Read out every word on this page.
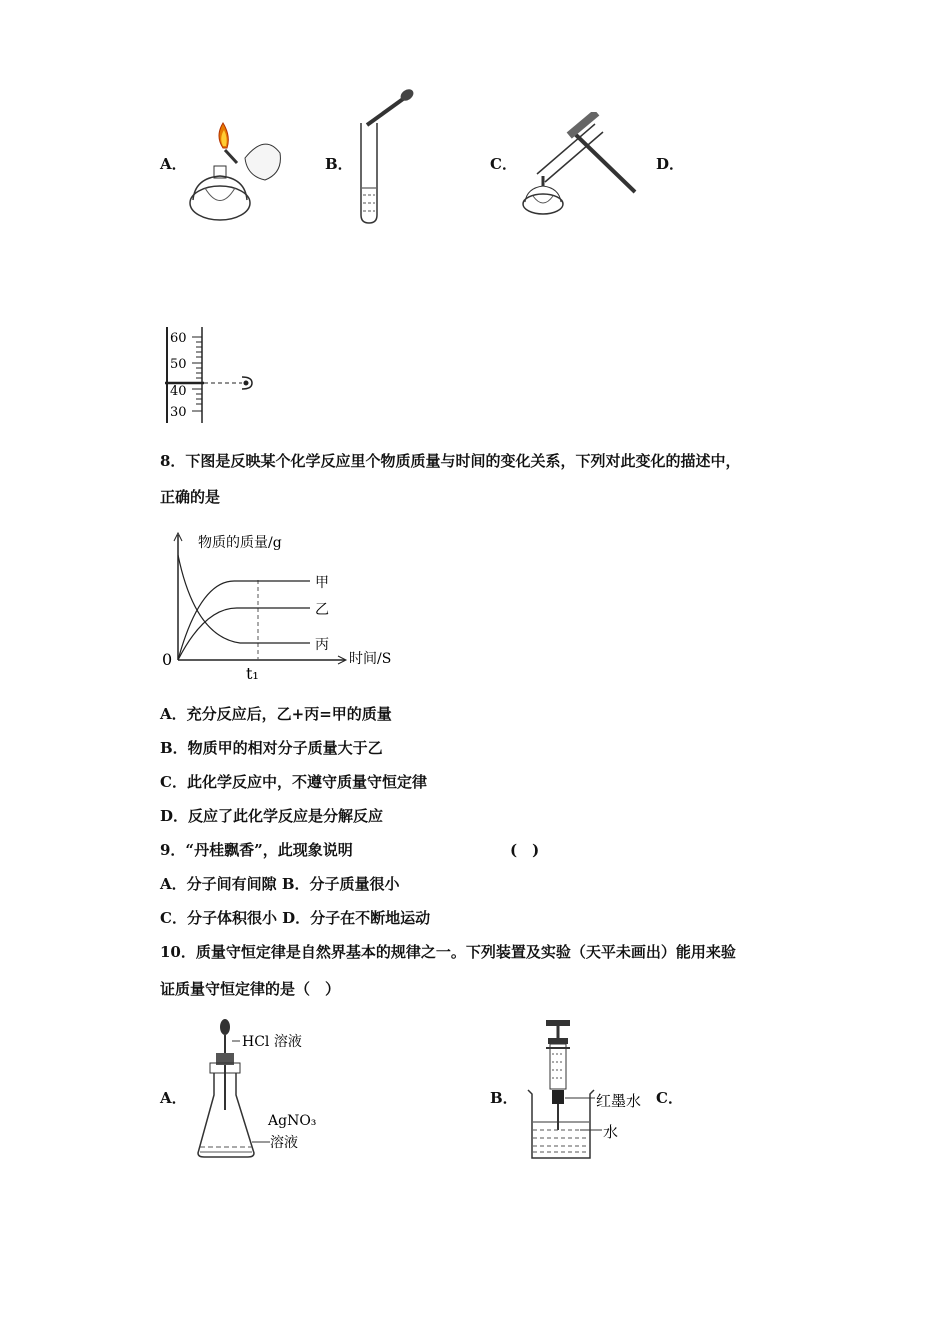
A．	B．	C．	D．
60
50
40
30
8．下图是反映某个化学反应里个物质质量与时间的变化关系，下列对此变化的描述中，
正确的是
物质的质量/g
时间/S
0
t₁
甲
乙
丙
A．充分反应后，乙+丙=甲的质量
B．物质甲的相对分子质量大于乙
C．此化学反应中，不遵守质量守恒定律
D．反应了此化学反应是分解反应
9．“丹桂飘香”，此现象说明	(　)
A．分子间有间隙 B．分子质量很小
C．分子体积很小 D．分子在不断地运动
10．质量守恒定律是自然界基本的规律之一。下列装置及实验（天平未画出）能用来验
证质量守恒定律的是（　）
A．	B．	C．
HCl 溶液
AgNO₃
溶液
红墨水
水
